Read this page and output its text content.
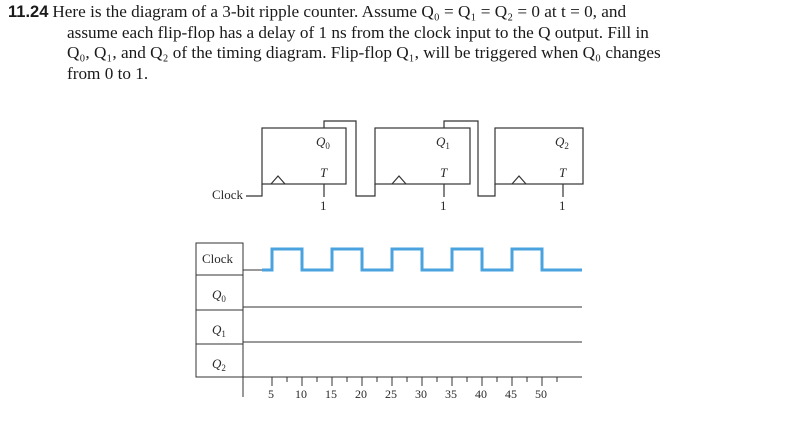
11.24 Here is the diagram of a 3-bit ripple counter. Assume Q₀ = Q₁ = Q₂ = 0 at t = 0, and
assume each flip-flop has a delay of 1 ns from the clock input to the Q output. Fill in
Q₀, Q₁, and Q₂ of the timing diagram. Flip-flop Q₁, will be triggered when Q₀ changes
from 0 to 1.
Clock
$Q_0$	$Q_1$	$Q_2$
T	T	T
1	1	1
Clock
$Q_0$
$Q_1$
$Q_2$
5 10 15 20 25 30 35 40 45 50
